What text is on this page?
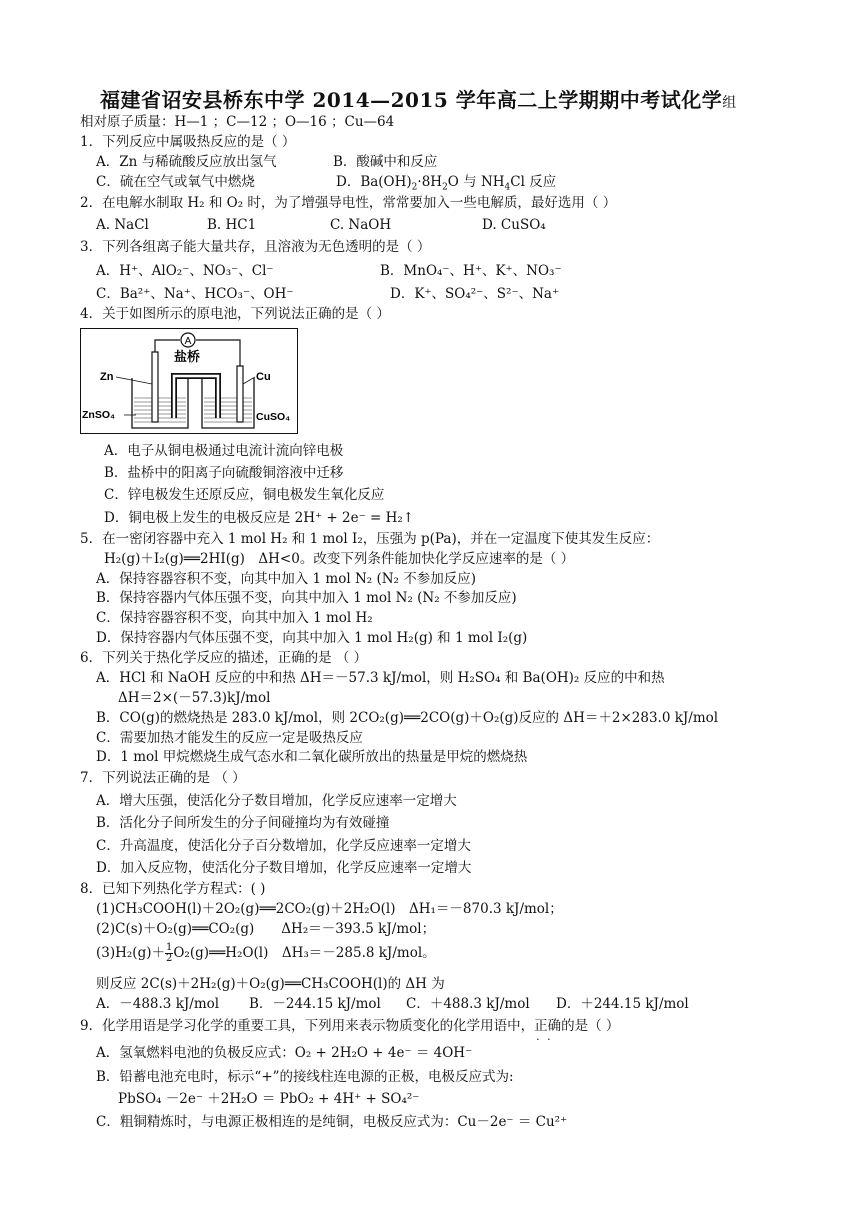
福建省诏安县桥东中学 2014—2015 学年高二上学期期中考试化学组
相对原子质量：H—1 ；C—12 ；O—16 ；Cu—64
1．下列反应中属吸热反应的是（ ）
A．Zn 与稀硫酸反应放出氢气	B．酸碱中和反应
C．硫在空气或氧气中燃烧	D．$Ba(OH)_2\cdot 8H_2O$ 与 $NH_4Cl$ 反应
2．在电解水制取 H₂ 和 O₂ 时，为了增强导电性，常常要加入一些电解质，最好选用（ ）
A. NaCl	B. HC1	C. NaOH	D. CuSO₄
3．下列各组离子能大量共存，且溶液为无色透明的是（ ）
A．H⁺、AlO₂⁻、NO₃⁻、Cl⁻	B．MnO₄⁻、H⁺、K⁺、NO₃⁻
C．Ba²⁺、Na⁺、HCO₃⁻、OH⁻	D．K⁺、SO₄²⁻、S²⁻、Na⁺
4．关于如图所示的原电池，下列说法正确的是（ ）
A
盐桥
Zn	Cu
ZnSO₄	CuSO₄
A．电子从铜电极通过电流计流向锌电极
B．盐桥中的阳离子向硫酸铜溶液中迁移
C．锌电极发生还原反应，铜电极发生氧化反应
D．铜电极上发生的电极反应是 2H⁺ + 2e⁻ = H₂↑
5．在一密闭容器中充入 1 mol H₂ 和 1 mol I₂，压强为 p(Pa)，并在一定温度下使其发生反应：
H₂(g)＋I₂(g)══2HI(g)　ΔH<0。改变下列条件能加快化学反应速率的是（ ）
A．保持容器容积不变，向其中加入 1 mol N₂ (N₂ 不参加反应)
B．保持容器内气体压强不变，向其中加入 1 mol N₂ (N₂ 不参加反应)
C．保持容器容积不变，向其中加入 1 mol H₂
D．保持容器内气体压强不变，向其中加入 1 mol H₂(g) 和 1 mol I₂(g)
6．下列关于热化学反应的描述，正确的是 （ ）
A．HCl 和 NaOH 反应的中和热 ΔH＝－57.3 kJ/mol，则 H₂SO₄ 和 Ba(OH)₂ 反应的中和热
ΔH＝2×(－57.3)kJ/mol
B．CO(g)的燃烧热是 283.0 kJ/mol，则 2CO₂(g)══2CO(g)＋O₂(g)反应的 ΔH＝＋2×283.0 kJ/mol
C．需要加热才能发生的反应一定是吸热反应
D．1 mol 甲烷燃烧生成气态水和二氧化碳所放出的热量是甲烷的燃烧热
7．下列说法正确的是 （ ）
A．增大压强，使活化分子数目增加，化学反应速率一定增大
B．活化分子间所发生的分子间碰撞均为有效碰撞
C．升高温度，使活化分子百分数增加，化学反应速率一定增大
D．加入反应物，使活化分子数目增加，化学反应速率一定增大
8．已知下列热化学方程式：( )
(1)CH₃COOH(l)＋2O₂(g)══2CO₂(g)＋2H₂O(l)　ΔH₁＝－870.3 kJ/mol；
(2)C(s)＋O₂(g)══CO₂(g)　　ΔH₂＝－393.5 kJ/mol；
$(3)H_2(g)+ \frac{1}{2}$ O₂(g)══H₂O(l)　ΔH₃＝－285.8 kJ/mol。
则反应 2C(s)＋2H₂(g)＋O₂(g)══CH₃COOH(l)的 ΔH 为
A．－488.3 kJ/mol B．－244.15 kJ/mol C．＋488.3 kJ/mol D．＋244.15 kJ/mol
9．化学用语是学习化学的重要工具，下列用来表示物质变化的化学用语中，正确 · ·的是（ ）
A．氢氧燃料电池的负极反应式：O₂ + 2H₂O + 4e⁻ ＝ 4OH⁻
B．铅蓄电池充电时，标示“+”的接线柱连电源的正极，电极反应式为:
PbSO₄ －2e⁻ ＋2H₂O ＝ PbO₂ + 4H⁺ + SO₄²⁻
C．粗铜精炼时，与电源正极相连的是纯铜，电极反应式为：Cu－2e⁻ ＝ Cu²⁺
